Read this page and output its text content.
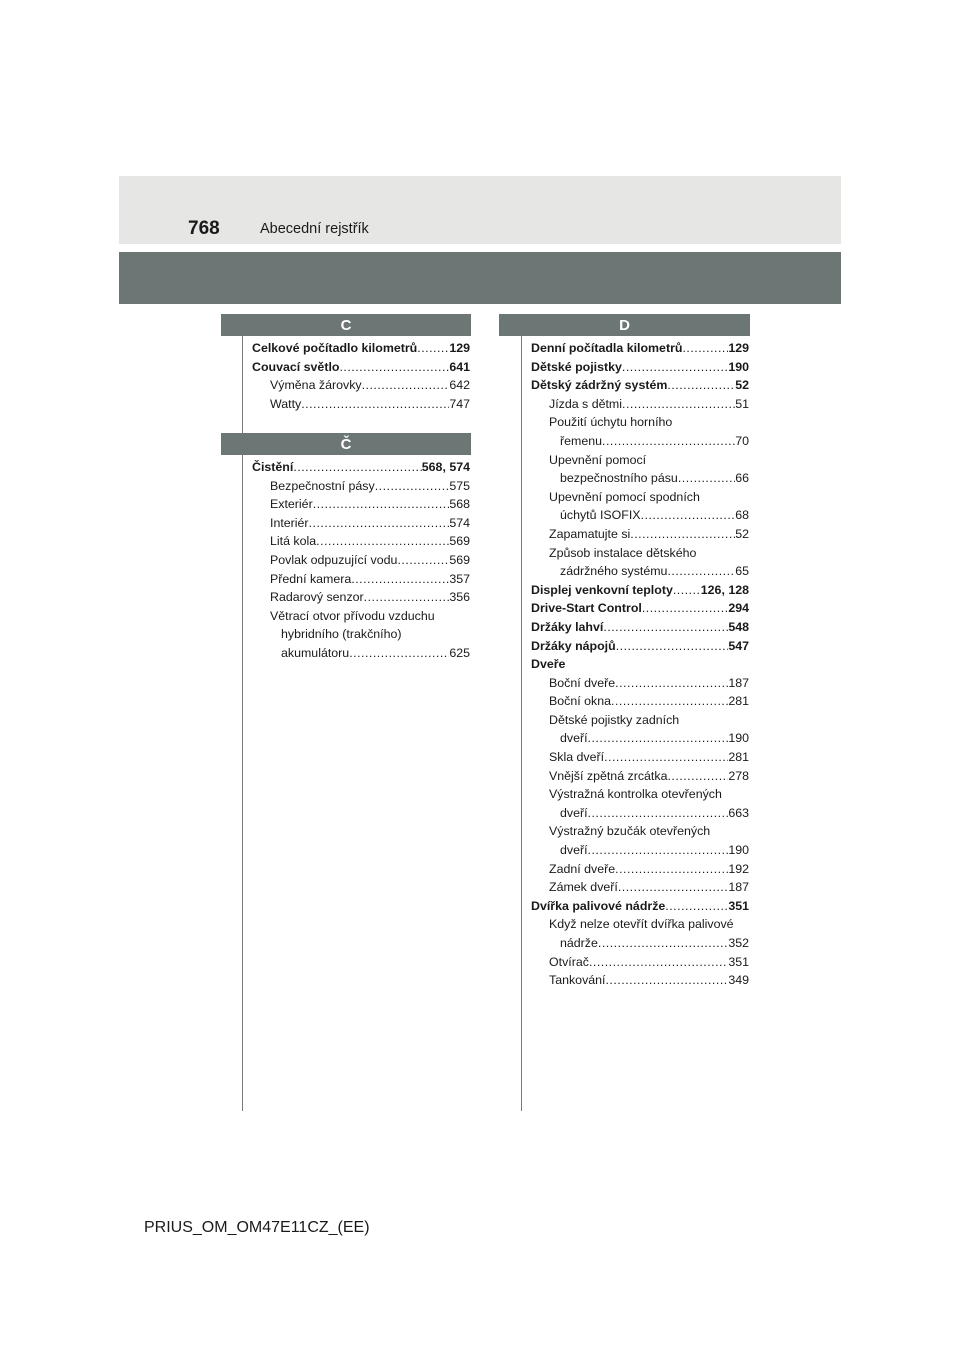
768	Abecední rejstřík
C
Celkové počítadlo kilometrů .....	129
Couvací světlo .....	641
Výměna žárovky .....	642
Watty .....	747
Č
Čistění .....	568, 574
Bezpečnostní pásy .....	575
Exteriér .....	568
Interiér .....	574
Litá kola .....	569
Povlak odpuzující vodu .....	569
Přední kamera .....	357
Radarový senzor .....	356
Větrací otvor přívodu vzduchu
hybridního (trakčního)
akumulátoru .....	625
D
Denní počítadla kilometrů .....	129
Dětské pojistky .....	190
Dětský zádržný systém .....	52
Jízda s dětmi .....	51
Použití úchytu horního
řemenu .....	70
Upevnění pomocí
bezpečnostního pásu .....	66
Upevnění pomocí spodních
úchytů ISOFIX .....	68
Zapamatujte si .....	52
Způsob instalace dětského
zádržného systému .....	65
Displej venkovní teploty ..... 126, 128
Drive-Start Control .....	294
Držáky lahví .....	548
Držáky nápojů .....	547
Dveře
Boční dveře .....	187
Boční okna .....	281
Dětské pojistky zadních
dveří .....	190
Skla dveří .....	281
Vnější zpětná zrcátka .....	278
Výstražná kontrolka otevřených
dveří .....	663
Výstražný bzučák otevřených
dveří .....	190
Zadní dveře .....	192
Zámek dveří .....	187
Dvířka palivové nádrže .....	351
Když nelze otevřít dvířka palivové
nádrže .....	352
Otvírač .....	351
Tankování .....	349
PRIUS_OM_OM47E11CZ_(EE)
